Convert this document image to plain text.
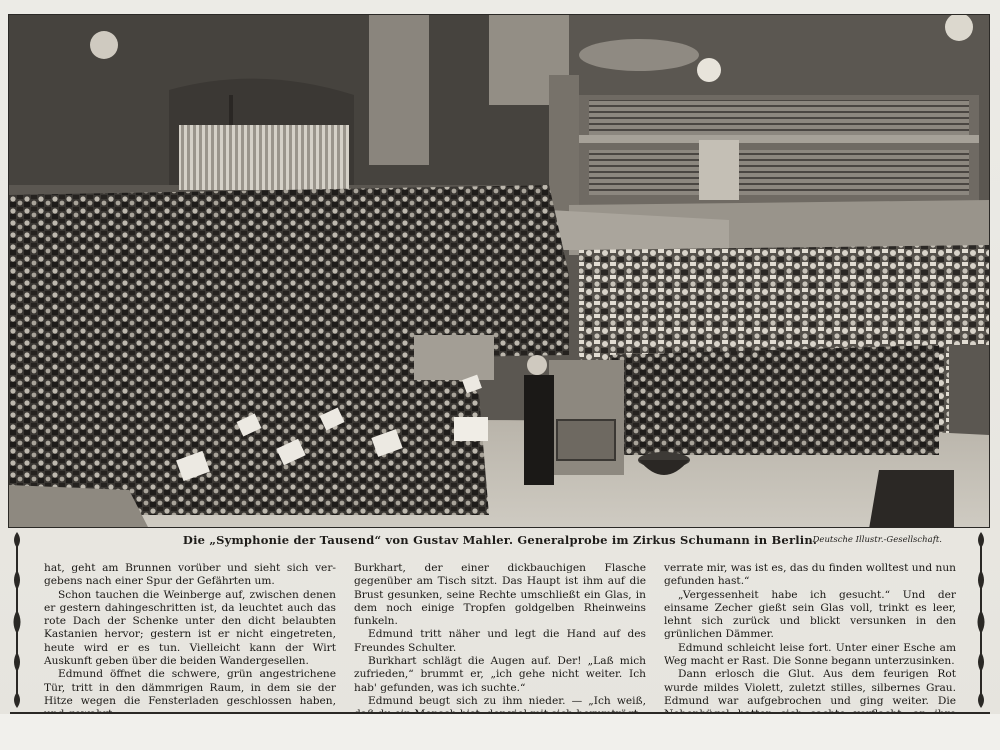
Die „Symphonie der Tausend“ von Gustav Mahler. Generalprobe im Zirkus Schumann in Berlin.
Deutsche Illustr.-Gesellschaft.

hat, geht am Brunnen vorüber und sieht sich vergebens nach einer Spur der Gefährten um.

Schon tauchen die Weinberge auf, zwischen denen er gestern dahingeschritten ist, da leuchtet auch das rote Dach der Schenke unter den dicht belaubten Kastanien hervor; gestern ist er nicht eingetreten, heute wird er es tun. Vielleicht kann der Wirt Auskunft geben über die beiden Wandergesellen.

Edmund öffnet die schwere, grün angestrichene Tür, tritt in den dämmrigen Raum, in dem sie der Hitze wegen die Fensterladen geschlossen haben,

Burkhart, der einer dickbauchigen Flasche gegenüber am Tisch sitzt. Das Haupt ist ihm auf die Brust gesunken, seine Rechte umschließt ein Glas, in dem noch einige Tropfen goldgelben Rheinweins funkeln.

Edmund tritt näher und legt die Hand auf des Freundes Schulter.

Burkhart schlägt die Augen auf. Der! „Laß mich zufrieden,“ brummt er, „ich gehe nicht weiter. Ich hab' gefunden, was ich suchte.“

Edmund beugt sich zu ihm nieder. — „Ich weiß,

verrate mir, was ist es, das du finden wolltest und nun gefunden hast.“

„Vergessenheit habe ich gesucht.“ Und der einsame Zecher gießt sein Glas voll, trinkt es leer, lehnt sich zurück und blickt versunken in den grünlichen Dämmer.

Edmund schleicht leise fort. Unter einer Esche am Weg macht er Rast. Die Sonne begann unterzusinken.

Dann erlosch die Glut. Aus dem feurigen Rot wurde mildes Violett, zuletzt stilles, silbernes Grau. Edmund war aufgebrochen und ging weiter. Die
